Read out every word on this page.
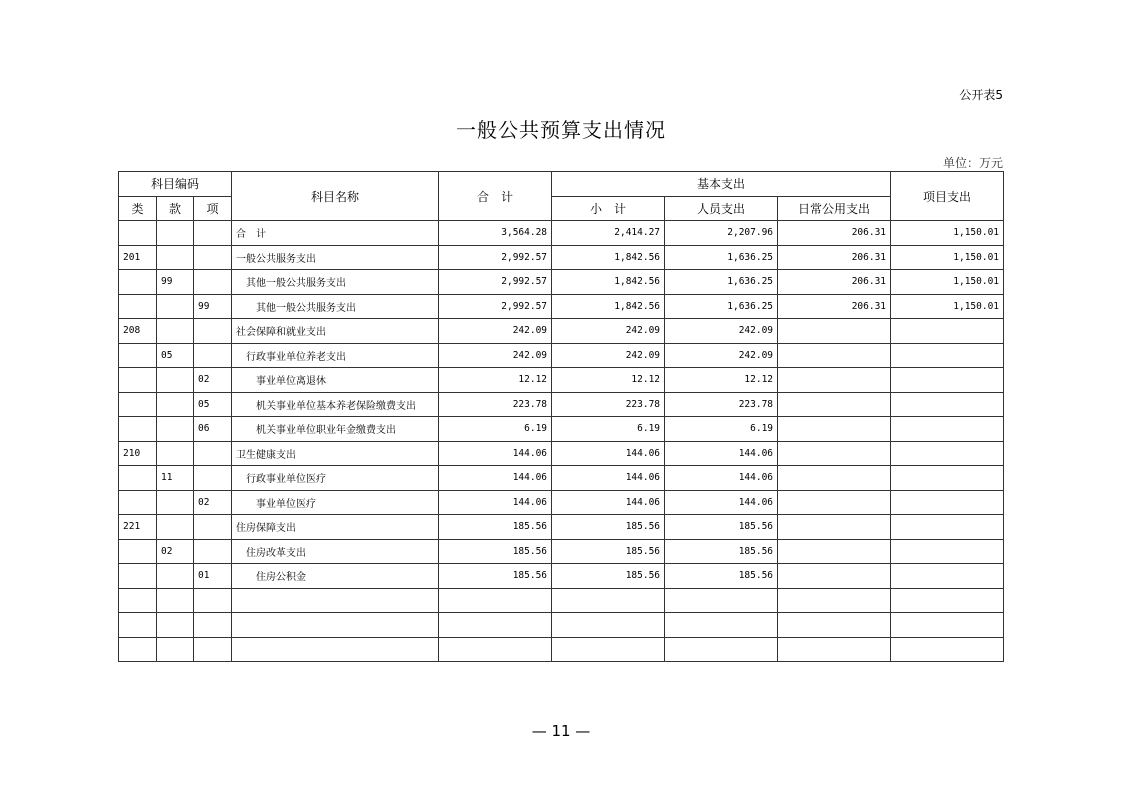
公开表5
一般公共预算支出情况
单位：万元
科目编码			科目名称	合　计	基本支出			项目支出
类	款	项			小　计	人员支出	日常公用支出	
			合　计	3,564.28	2,414.27	2,207.96	206.31	1,150.01
201			一般公共服务支出	2,992.57	1,842.56	1,636.25	206.31	1,150.01
	99		其他一般公共服务支出	2,992.57	1,842.56	1,636.25	206.31	1,150.01
		99	其他一般公共服务支出	2,992.57	1,842.56	1,636.25	206.31	1,150.01
208			社会保障和就业支出	242.09	242.09	242.09		
	05		行政事业单位养老支出	242.09	242.09	242.09		
		02	事业单位离退休	12.12	12.12	12.12		
		05	机关事业单位基本养老保险缴费支出	223.78	223.78	223.78		
		06	机关事业单位职业年金缴费支出	6.19	6.19	6.19		
210			卫生健康支出	144.06	144.06	144.06		
	11		行政事业单位医疗	144.06	144.06	144.06		
		02	事业单位医疗	144.06	144.06	144.06		
221			住房保障支出	185.56	185.56	185.56		
	02		住房改革支出	185.56	185.56	185.56		
		01	住房公积金	185.56	185.56	185.56		

— 11 —
